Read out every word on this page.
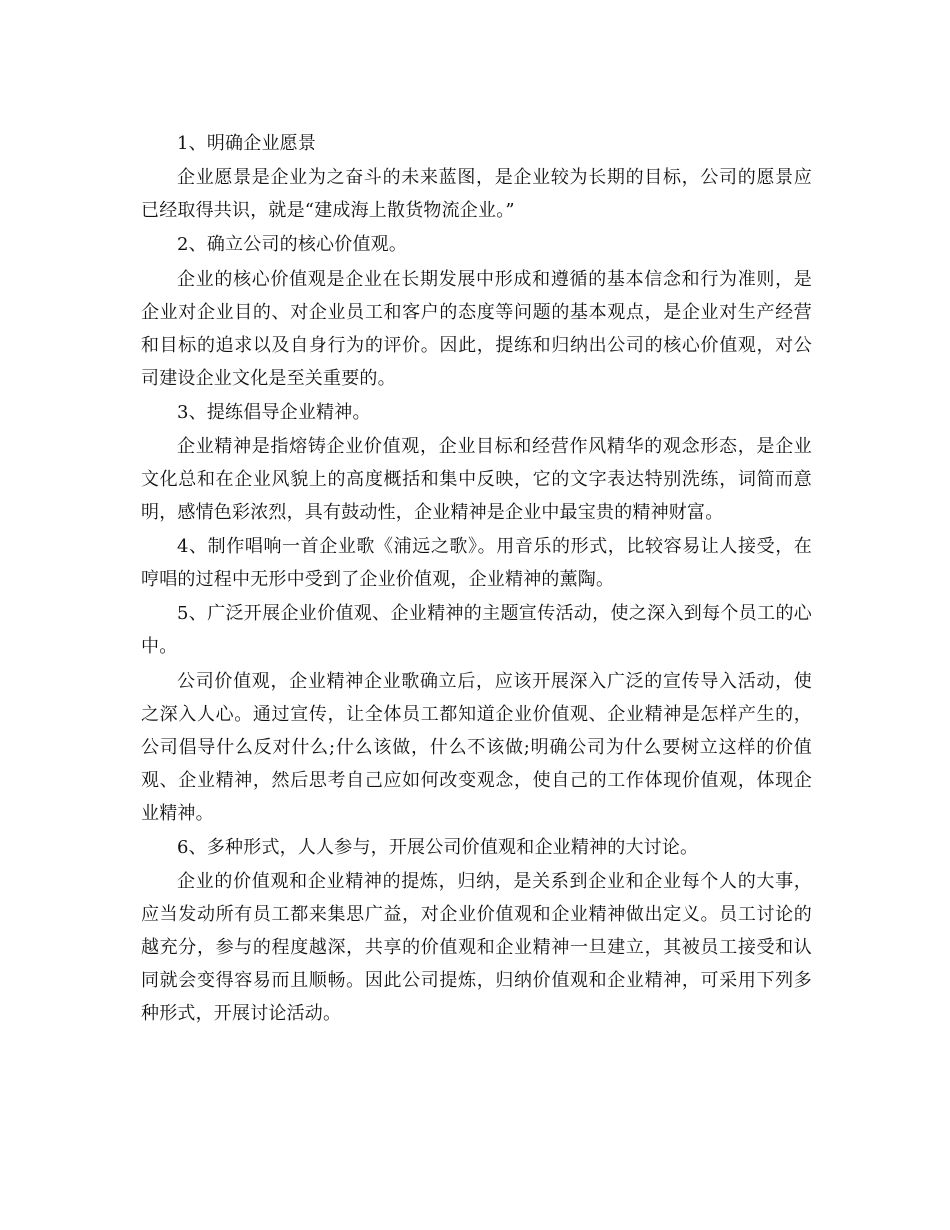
1、明确企业愿景

企业愿景是企业为之奋斗的未来蓝图，是企业较为长期的目标，公司的愿景应已经取得共识，就是“建成海上散货物流企业。”

2、确立公司的核心价值观。

企业的核心价值观是企业在长期发展中形成和遵循的基本信念和行为准则，是企业对企业目的、对企业员工和客户的态度等问题的基本观点，是企业对生产经营和目标的追求以及自身行为的评价。因此，提练和归纳出公司的核心价值观，对公司建设企业文化是至关重要的。

3、提练倡导企业精神。

企业精神是指熔铸企业价值观，企业目标和经营作风精华的观念形态，是企业文化总和在企业风貌上的高度概括和集中反映，它的文字表达特别洗练，词简而意明，感情色彩浓烈，具有鼓动性，企业精神是企业中最宝贵的精神财富。

4、制作唱响一首企业歌《浦远之歌》。用音乐的形式，比较容易让人接受，在哼唱的过程中无形中受到了企业价值观，企业精神的薰陶。

5、广泛开展企业价值观、企业精神的主题宣传活动，使之深入到每个员工的心中。

公司价值观，企业精神企业歌确立后，应该开展深入广泛的宣传导入活动，使之深入人心。通过宣传，让全体员工都知道企业价值观、企业精神是怎样产生的，公司倡导什么反对什么;什么该做，什么不该做;明确公司为什么要树立这样的价值观、企业精神，然后思考自己应如何改变观念，使自己的工作体现价值观，体现企业精神。

6、多种形式，人人参与，开展公司价值观和企业精神的大讨论。

企业的价值观和企业精神的提炼，归纳，是关系到企业和企业每个人的大事，应当发动所有员工都来集思广益，对企业价值观和企业精神做出定义。员工讨论的越充分，参与的程度越深，共享的价值观和企业精神一旦建立，其被员工接受和认同就会变得容易而且顺畅。因此公司提炼，归纳价值观和企业精神，可采用下列多种形式，开展讨论活动。
